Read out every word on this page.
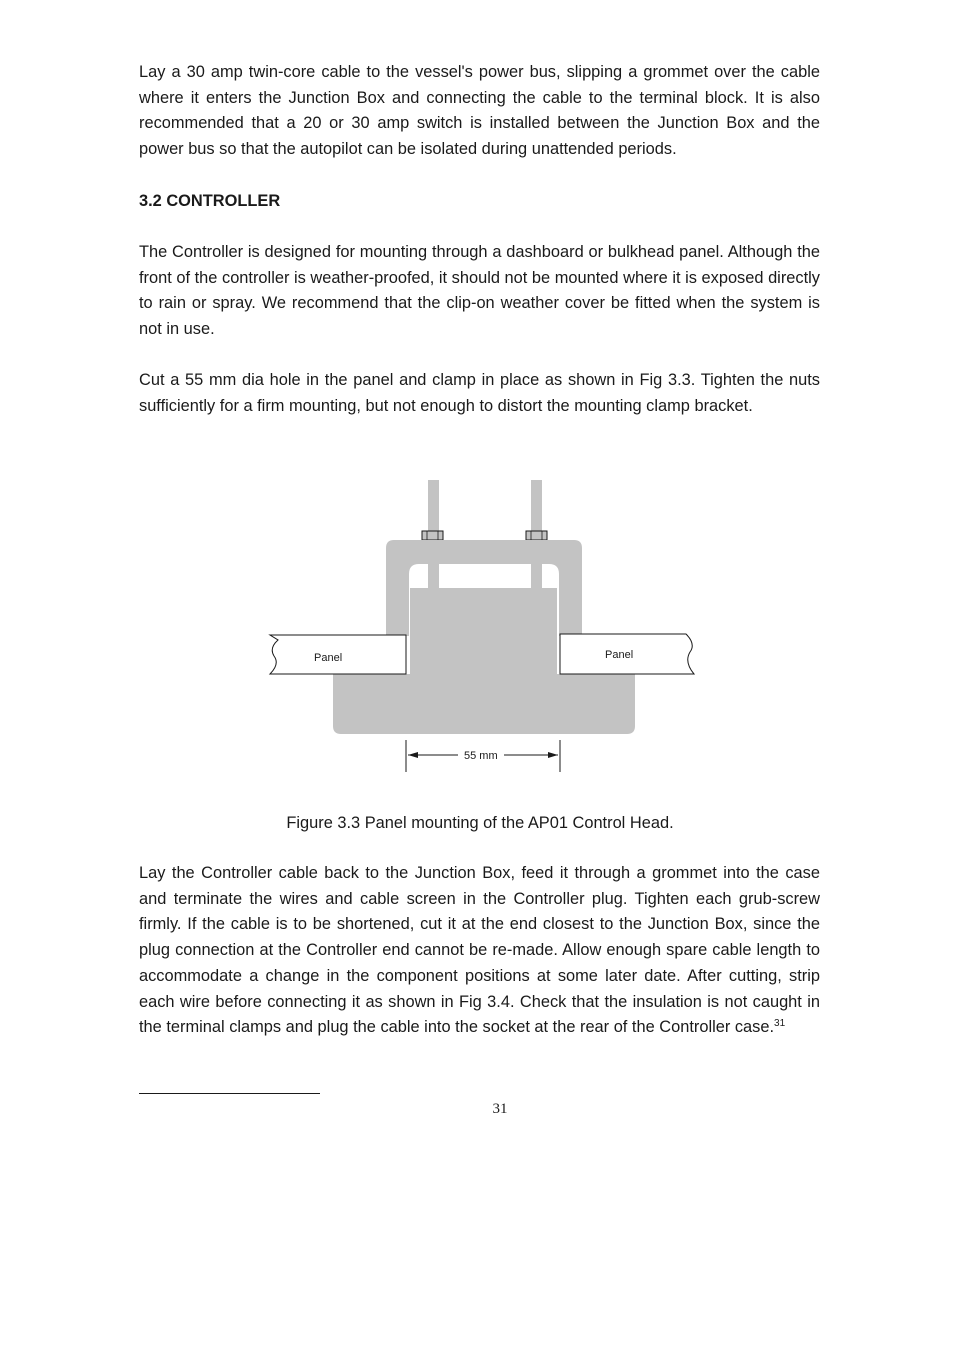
Lay a 30 amp twin-core cable to the vessel's power bus, slipping a grommet over the cable where it enters the Junction Box and connecting the cable to the terminal block. It is also recommended that a 20 or 30 amp switch is installed between the Junction Box and the power bus so that the autopilot can be isolated during unattended periods.

3.2 CONTROLLER

The Controller is designed for mounting through a dashboard or bulkhead panel. Although the front of the controller is weather-proofed, it should not be mounted where it is exposed directly to rain or spray. We recommend that the clip-on weather cover be fitted when the system is not in use.

Cut a 55 mm dia hole in the panel and clamp in place as shown in Fig 3.3. Tighten the nuts sufficiently for a firm mounting, but not enough to distort the mounting clamp bracket.

Panel	Panel
55 mm

Figure 3.3 Panel mounting of the AP01 Control Head.

Lay the Controller cable back to the Junction Box, feed it through a grommet into the case and terminate the wires and cable screen in the Controller plug. Tighten each grub-screw firmly. If the cable is to be shortened, cut it at the end closest to the Junction Box, since the plug connection at the Controller end cannot be re-made. Allow enough spare cable length to accommodate a change in the component positions at some later date. After cutting, strip each wire before connecting it as shown in Fig 3.4. Check that the insulation is not caught in the terminal clamps and plug the cable into the socket at the rear of the Controller case.$^{31}$

31
